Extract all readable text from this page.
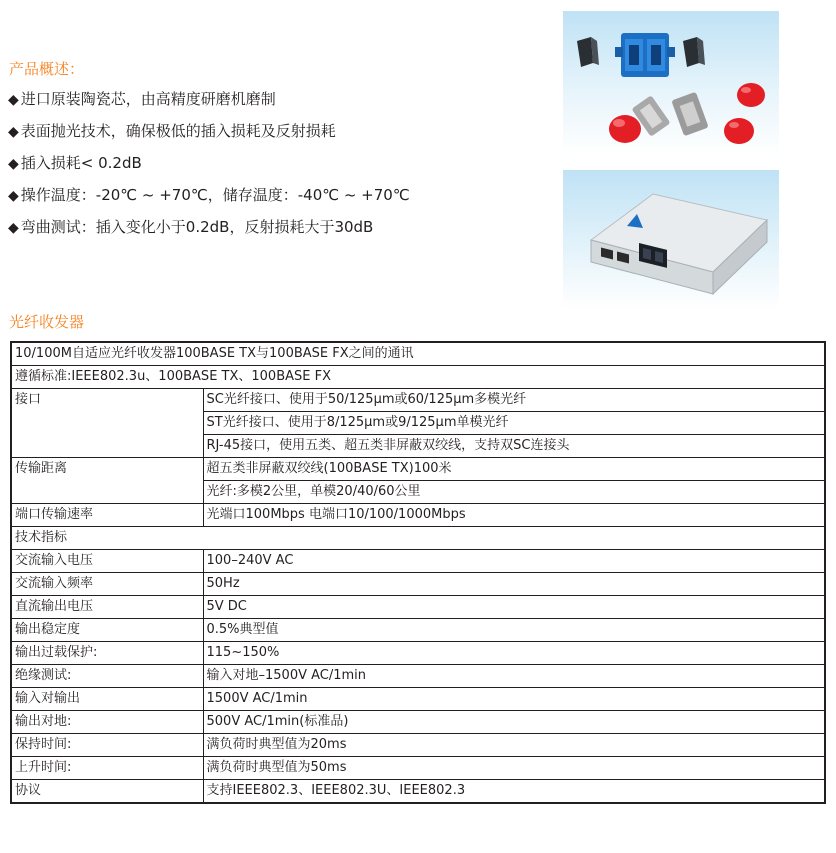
产品概述：
◆ 进口原装陶瓷芯，由高精度研磨机磨制
◆ 表面抛光技术，确保极低的插入损耗及反射损耗
◆ 插入损耗< 0.2dB
◆ 操作温度：-20℃ ~ +70℃，储存温度：-40℃ ~ +70℃
◆ 弯曲测试：插入变化小于0.2dB，反射损耗大于30dB
光纤收发器
10/100M自适应光纤收发器100BASE TX与100BASE FX之间的通讯	
遵循标准:IEEE802.3u、100BASE TX、100BASE FX	
接口	SC光纤接口、使用于50/125μm或60/125μm多模光纤
	ST光纤接口、使用于8/125μm或9/125μm单模光纤
	RJ-45接口，使用五类、超五类非屏蔽双绞线，支持双SC连接头
传输距离	超五类非屏蔽双绞线(100BASE TX)100米
	光纤:多模2公里，单模20/40/60公里
端口传输速率	光端口100Mbps 电端口10/100/1000Mbps
技术指标	
交流输入电压	100–240V AC
交流输入频率	50Hz
直流输出电压	5V DC
输出稳定度	0.5%典型值
输出过载保护:	115~150%
绝缘测试:	输入对地–1500V AC/1min
输入对输出	1500V AC/1min
输出对地:	500V AC/1min(标准品)
保持时间:	满负荷时典型值为20ms
上升时间:	满负荷时典型值为50ms
协议	支持IEEE802.3、IEEE802.3U、IEEE802.3
